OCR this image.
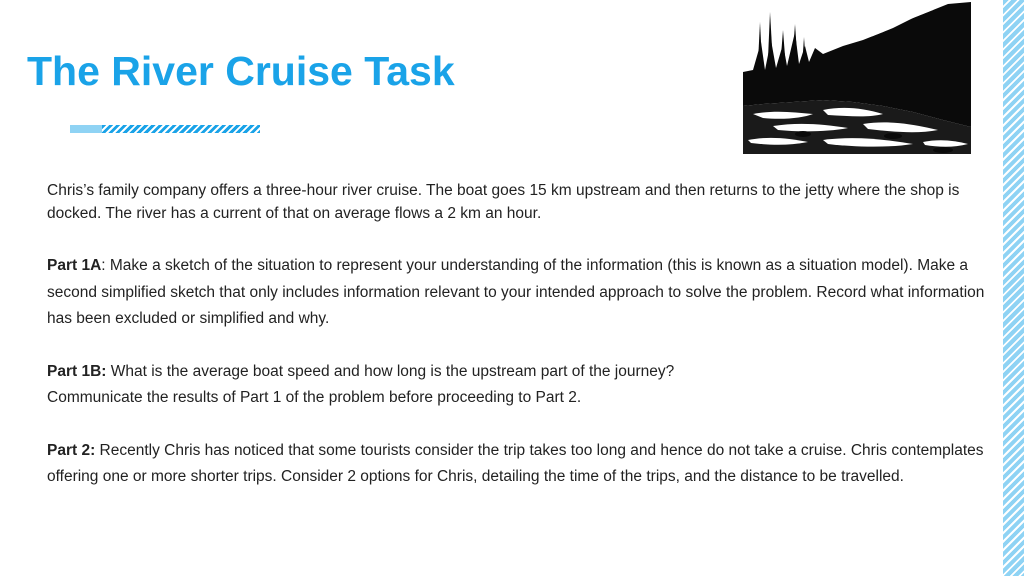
The River Cruise Task

Chris’s family company offers a three-hour river cruise. The boat goes 15 km upstream and then returns to the jetty where the shop is docked. The river has a current of that on average flows a 2 km an hour.

Part 1A: Make a sketch of the situation to represent your understanding of the information (this is known as a situation model). Make a second simplified sketch that only includes information relevant to your intended approach to solve the problem. Record what information has been excluded or simplified and why.

Part 1B: What is the average boat speed and how long is the upstream part of the journey?
Communicate the results of Part 1 of the problem before proceeding to Part 2.

Part 2: Recently Chris has noticed that some tourists consider the trip takes too long and hence do not take a cruise. Chris contemplates offering one or more shorter trips. Consider 2 options for Chris, detailing the time of the trips, and the distance to be travelled.
